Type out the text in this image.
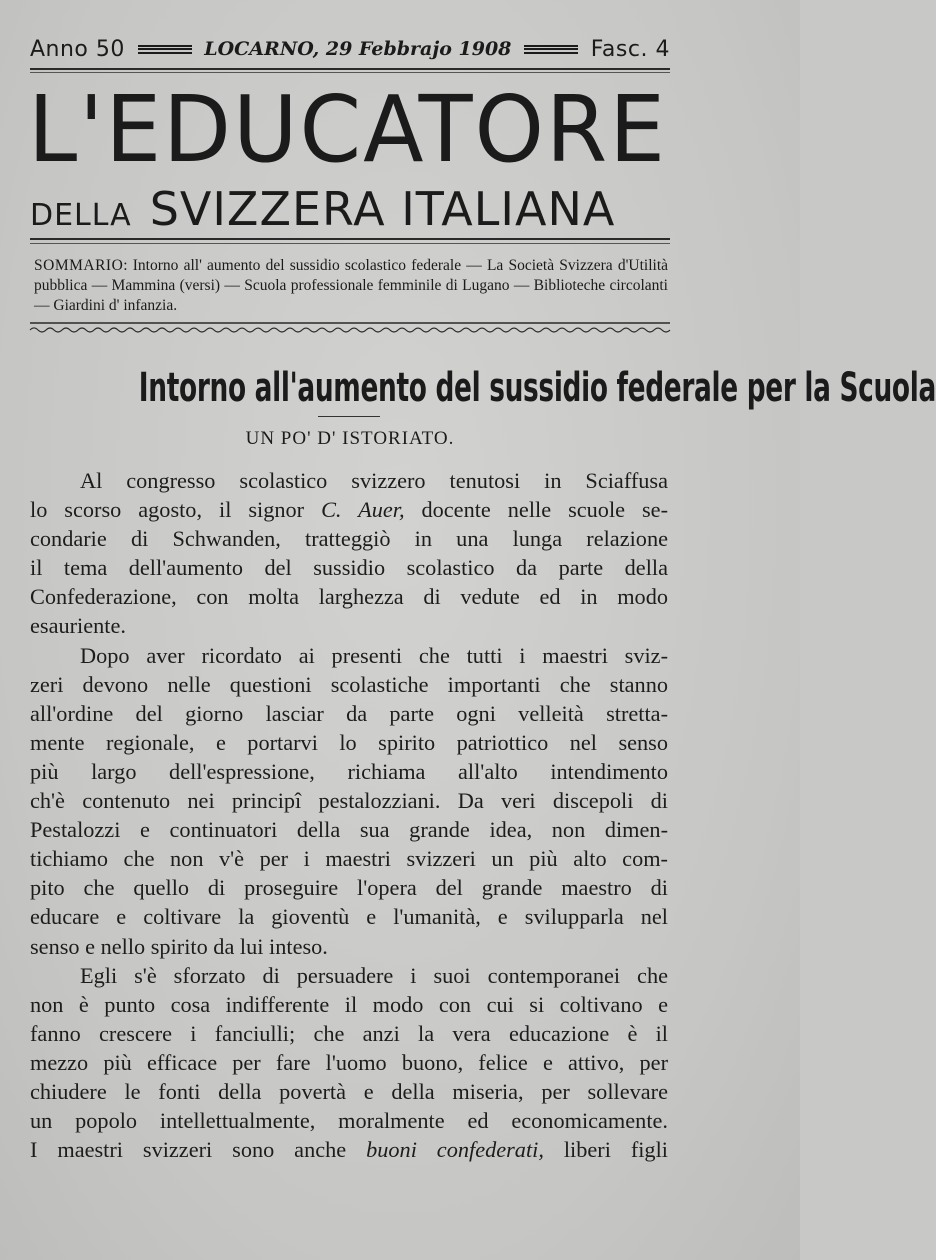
Anno 50	LOCARNO, 29 Febbrajo 1908	Fasc. 4
L'EDUCATORE
DELLA SVIZZERA ITALIANA
SOMMARIO: Intorno all' aumento del sussidio scolastico federale — La Società Svizzera d'Utilità pubblica — Mammina (versi) — Scuola professionale femminile di Lugano — Biblioteche circolanti — Giardini d' infanzia.
Intorno all'aumento del sussidio federale per la Scuola
UN PO' D' ISTORIATO.
Al congresso scolastico svizzero tenutosi in Sciaffusa
lo scorso agosto, il signor C. Auer, docente nelle scuole se-
condarie di Schwanden, tratteggiò in una lunga relazione
il tema dell'aumento del sussidio scolastico da parte della
Confederazione, con molta larghezza di vedute ed in modo
esauriente.
Dopo aver ricordato ai presenti che tutti i maestri sviz-
zeri devono nelle questioni scolastiche importanti che stanno
all'ordine del giorno lasciar da parte ogni velleità stretta-
mente regionale, e portarvi lo spirito patriottico nel senso
più largo dell'espressione, richiama all'alto intendimento
ch'è contenuto nei principî pestalozziani. Da veri discepoli di
Pestalozzi e continuatori della sua grande idea, non dimen-
tichiamo che non v'è per i maestri svizzeri un più alto com-
pito che quello di proseguire l'opera del grande maestro di
educare e coltivare la gioventù e l'umanità, e svilupparla nel
senso e nello spirito da lui inteso.
Egli s'è sforzato di persuadere i suoi contemporanei che
non è punto cosa indifferente il modo con cui si coltivano e
fanno crescere i fanciulli; che anzi la vera educazione è il
mezzo più efficace per fare l'uomo buono, felice e attivo, per
chiudere le fonti della povertà e della miseria, per sollevare
un popolo intellettualmente, moralmente ed economicamente.
I maestri svizzeri sono anche buoni confederati, liberi figli
